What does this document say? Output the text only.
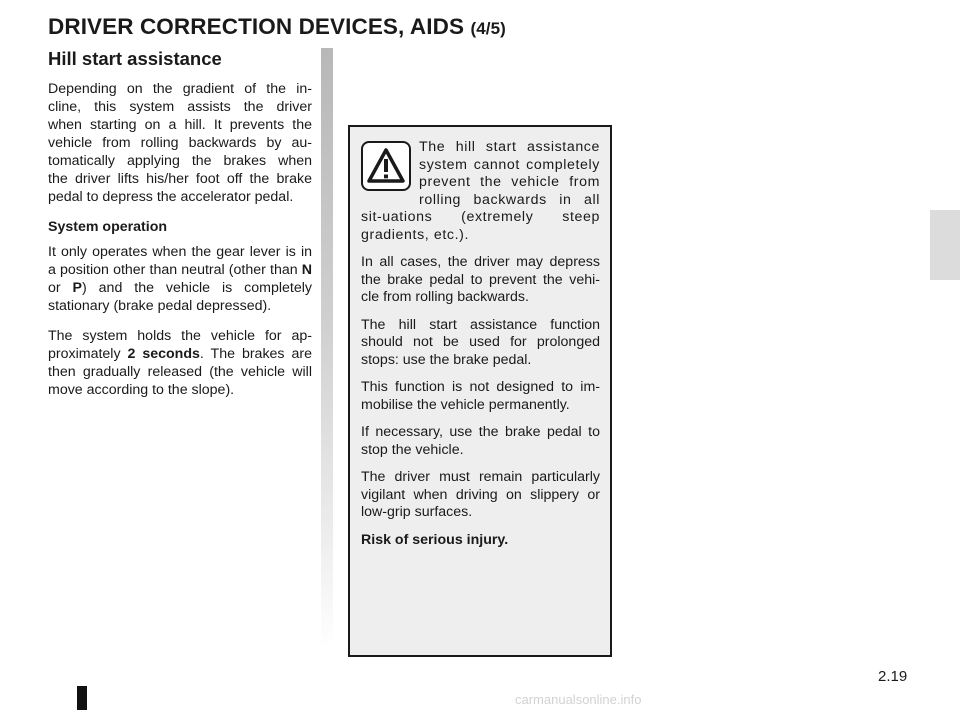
DRIVER CORRECTION DEVICES, AIDS (4/5)
Hill start assistance

Depending on the gradient of the in-
cline, this system assists the driver
when starting on a hill. It prevents the
vehicle from rolling backwards by au-
tomatically applying the brakes when
the driver lifts his/her foot off the brake
pedal to depress the accelerator pedal.

System operation

It only operates when the gear lever is in a position other than neutral (other than N or P) and the vehicle is completely stationary (brake pedal depressed).

The system holds the vehicle for ap-proximately 2 seconds. The brakes are then gradually released (the vehicle will move according to the slope).

The hill start assistance system cannot completely prevent the vehicle from rolling backwards in all sit-uations (extremely steep gradients, etc.).

In all cases, the driver may depress the brake pedal to prevent the vehi-cle from rolling backwards.

The hill start assistance function should not be used for prolonged stops: use the brake pedal.

This function is not designed to im-mobilise the vehicle permanently.

If necessary, use the brake pedal to stop the vehicle.

The driver must remain particularly vigilant when driving on slippery or low-grip surfaces.

Risk of serious injury.

2.19
carmanualsonline.info
